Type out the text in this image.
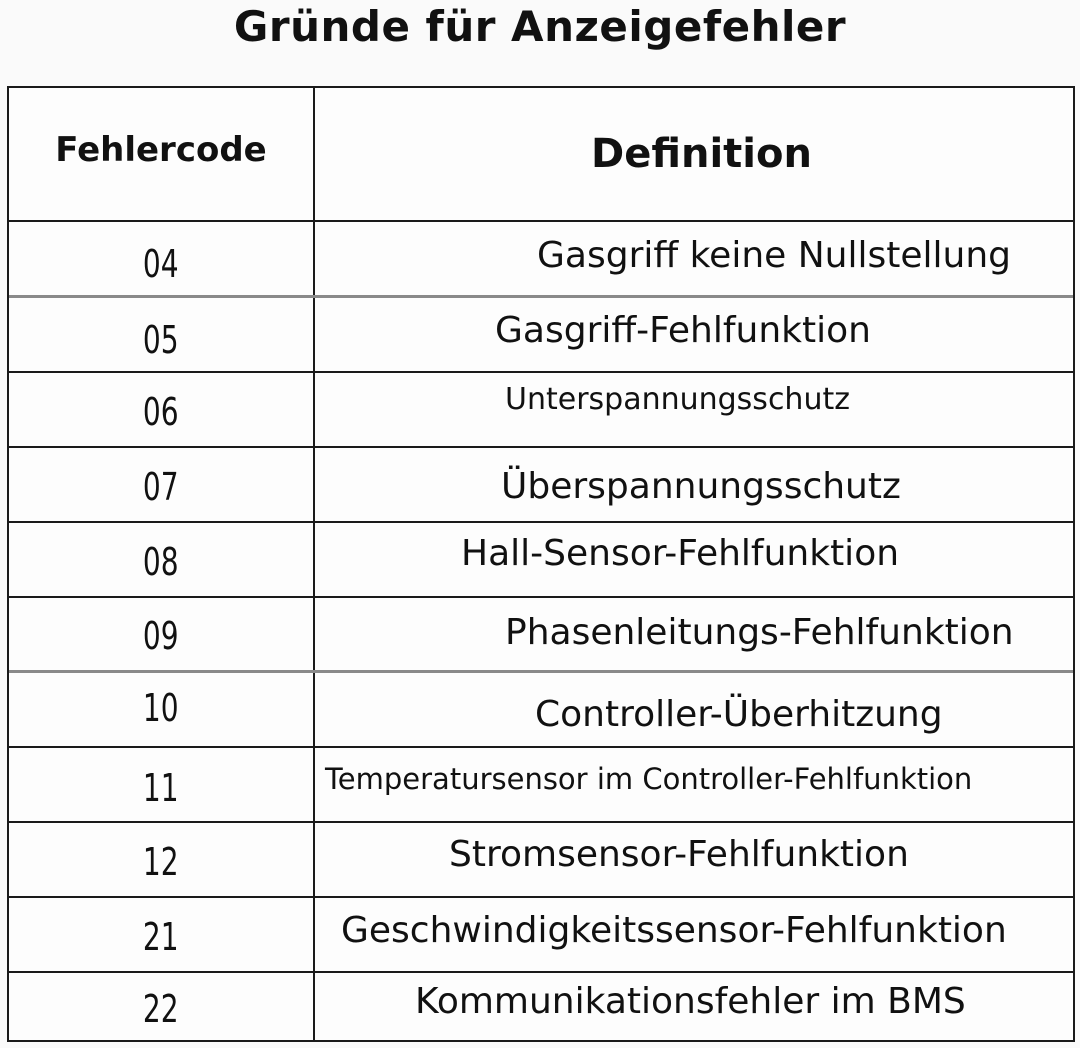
Gründe für Anzeigefehler
Fehlercode	Definition
04	Gasgriff keine Nullstellung
05	Gasgriff-Fehlfunktion
06	Unterspannungsschutz
07	Überspannungsschutz
08	Hall-Sensor-Fehlfunktion
09	Phasenleitungs-Fehlfunktion
10	Controller-Überhitzung
11	Temperatursensor im Controller-Fehlfunktion
12	Stromsensor-Fehlfunktion
21	Geschwindigkeitssensor-Fehlfunktion
22	Kommunikationsfehler im BMS
